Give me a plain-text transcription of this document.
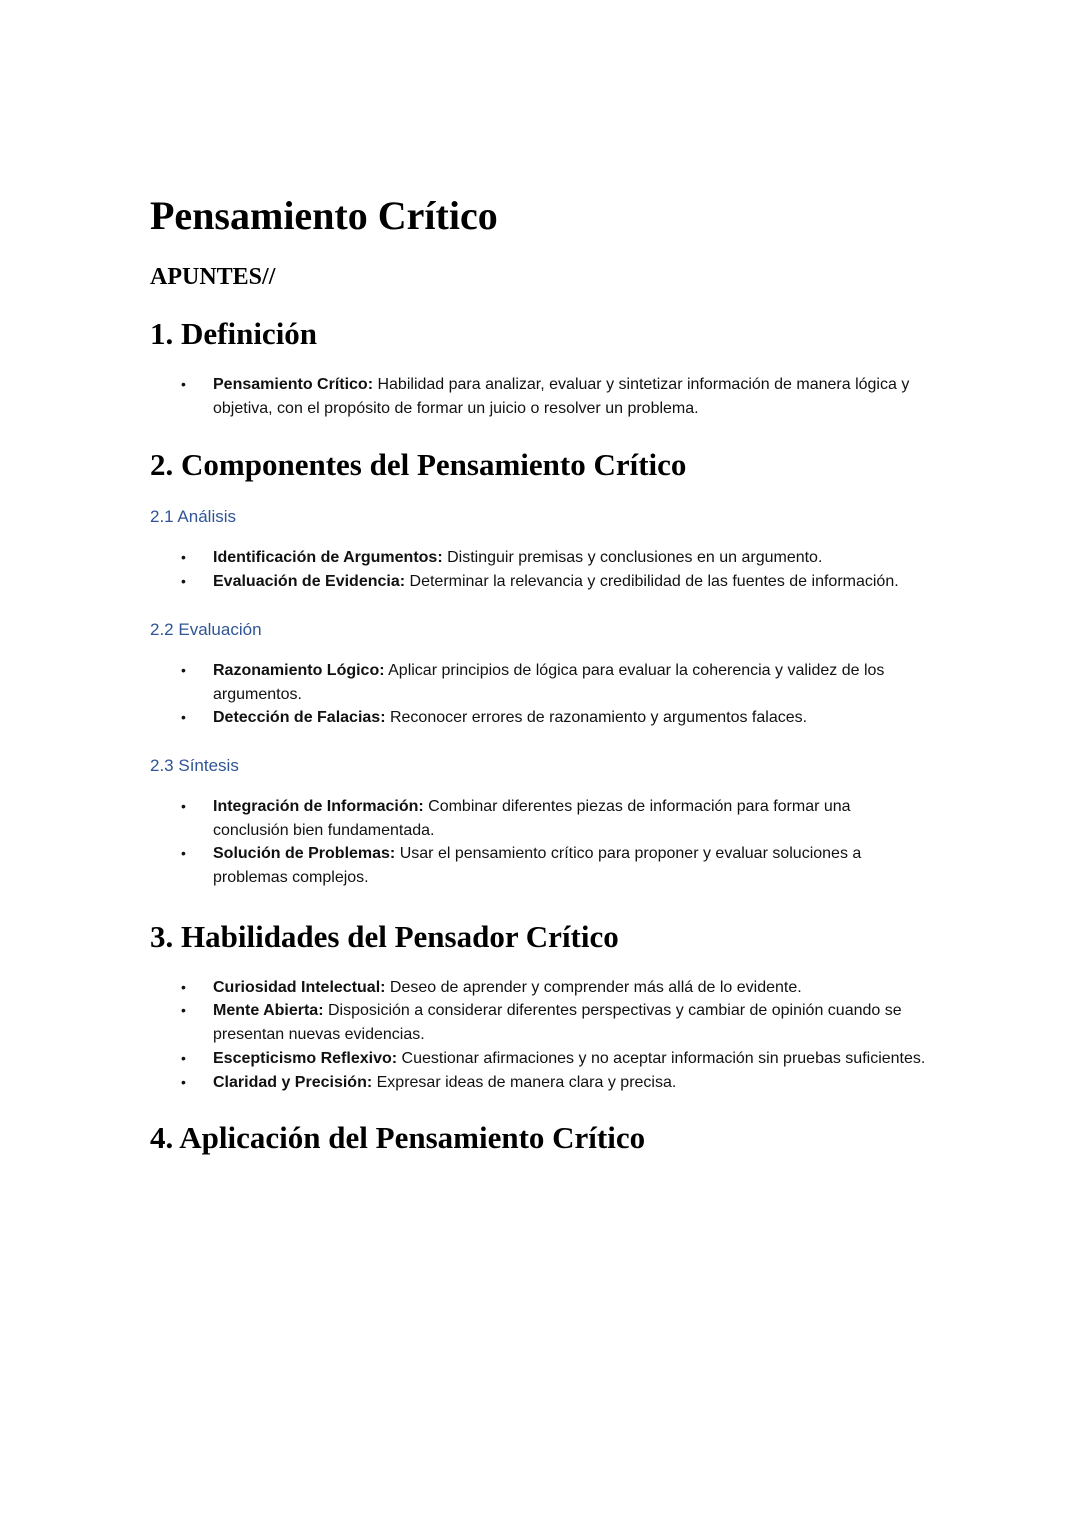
Pensamiento Crítico
APUNTES//
1. Definición
• Pensamiento Crítico: Habilidad para analizar, evaluar y sintetizar información de manera lógica y objetiva, con el propósito de formar un juicio o resolver un problema.
2. Componentes del Pensamiento Crítico
2.1 Análisis
• Identificación de Argumentos: Distinguir premisas y conclusiones en un argumento.
• Evaluación de Evidencia: Determinar la relevancia y credibilidad de las fuentes de información.
2.2 Evaluación
• Razonamiento Lógico: Aplicar principios de lógica para evaluar la coherencia y validez de los argumentos.
• Detección de Falacias: Reconocer errores de razonamiento y argumentos falaces.
2.3 Síntesis
• Integración de Información: Combinar diferentes piezas de información para formar una conclusión bien fundamentada.
• Solución de Problemas: Usar el pensamiento crítico para proponer y evaluar soluciones a problemas complejos.
3. Habilidades del Pensador Crítico
• Curiosidad Intelectual: Deseo de aprender y comprender más allá de lo evidente.
• Mente Abierta: Disposición a considerar diferentes perspectivas y cambiar de opinión cuando se presentan nuevas evidencias.
• Escepticismo Reflexivo: Cuestionar afirmaciones y no aceptar información sin pruebas suficientes.
• Claridad y Precisión: Expresar ideas de manera clara y precisa.
4. Aplicación del Pensamiento Crítico
